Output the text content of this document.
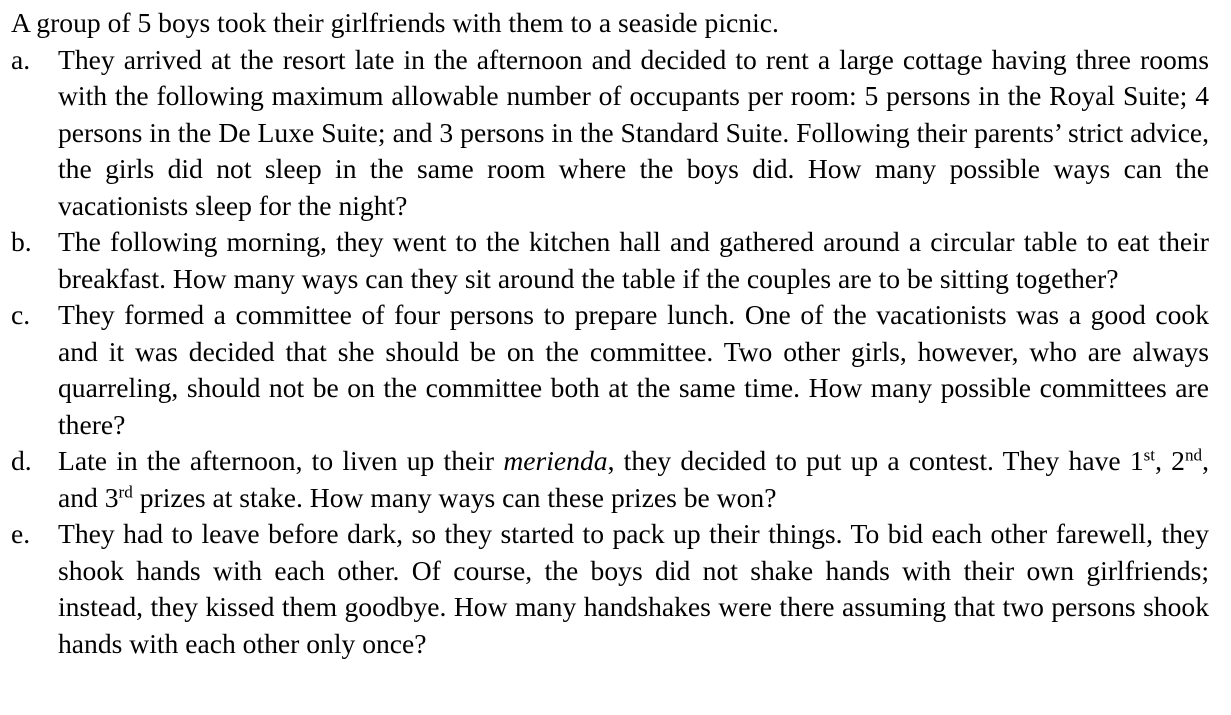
A group of 5 boys took their girlfriends with them to a seaside picnic.

a.	They arrived at the resort late in the afternoon and decided to rent a large cottage having three rooms with the following maximum allowable number of occupants per room: 5 persons in the Royal Suite; 4 persons in the De Luxe Suite; and 3 persons in the Standard Suite. Following their parents’ strict advice, the girls did not sleep in the same room where the boys did. How many possible ways can the vacationists sleep for the night?
b. The following morning, they went to the kitchen hall and gathered around a circular table to eat their breakfast. How many ways can they sit around the table if the couples are to be sitting together?
c.	They formed a committee of four persons to prepare lunch. One of the vacationists was a good cook and it was decided that she should be on the committee. Two other girls, however, who are always quarreling, should not be on the committee both at the same time. How many possible committees are there?
d. Late in the afternoon, to liven up their merienda, they decided to put up a contest. They have 1st, 2nd, and 3rd prizes at stake. How many ways can these prizes be won?
e.	They had to leave before dark, so they started to pack up their things. To bid each other farewell, they shook hands with each other. Of course, the boys did not shake hands with their own girlfriends; instead, they kissed them goodbye. How many handshakes were there assuming that two persons shook hands with each other only once?
